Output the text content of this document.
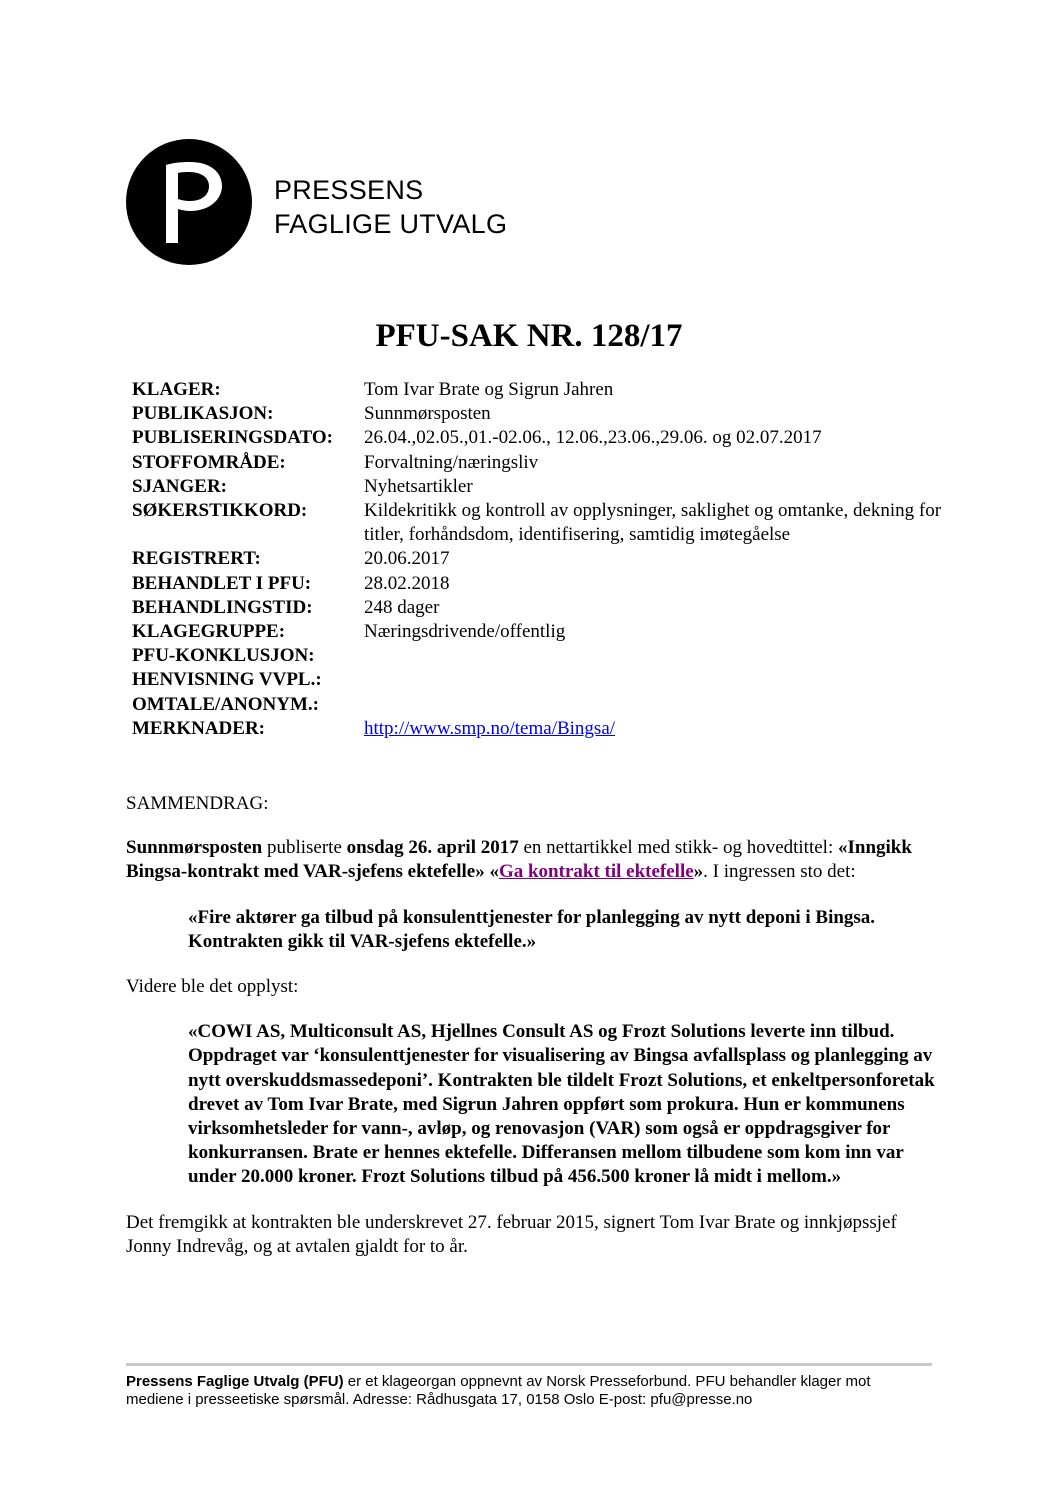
PRESSENS
FAGLIGE UTVALG
PFU-SAK NR. 128/17
KLAGER:	Tom Ivar Brate og Sigrun Jahren
PUBLIKASJON:	Sunnmørsposten
PUBLISERINGSDATO:	26.04.,02.05.,01.-02.06., 12.06.,23.06.,29.06. og 02.07.2017
STOFFOMRÅDE:	Forvaltning/næringsliv
SJANGER:	Nyhetsartikler
SØKERSTIKKORD:	Kildekritikk og kontroll av opplysninger, saklighet og omtanke, dekning for titler, forhåndsdom, identifisering, samtidig imøtegåelse
REGISTRERT:	20.06.2017
BEHANDLET I PFU:	28.02.2018
BEHANDLINGSTID:	248 dager
KLAGEGRUPPE:	Næringsdrivende/offentlig
PFU-KONKLUSJON:
HENVISNING VVPL.:
OMTALE/ANONYM.:
MERKNADER:	http://www.smp.no/tema/Bingsa/
SAMMENDRAG:

Sunnmørsposten publiserte onsdag 26. april 2017 en nettartikkel med stikk- og hovedtittel: «Inngikk Bingsa-kontrakt med VAR-sjefens ektefelle» «Ga kontrakt til ektefelle». I ingressen sto det:

«Fire aktører ga tilbud på konsulenttjenester for planlegging av nytt deponi i Bingsa. Kontrakten gikk til VAR-sjefens ektefelle.»

Videre ble det opplyst:

«COWI AS, Multiconsult AS, Hjellnes Consult AS og Frozt Solutions leverte inn tilbud. Oppdraget var ‘konsulenttjenester for visualisering av Bingsa avfallsplass og planlegging av nytt overskuddsmassedeponi’. Kontrakten ble tildelt Frozt Solutions, et enkeltpersonforetak drevet av Tom Ivar Brate, med Sigrun Jahren oppført som prokura. Hun er kommunens virksomhetsleder for vann-, avløp, og renovasjon (VAR) som også er oppdragsgiver for konkurransen. Brate er hennes ektefelle. Differansen mellom tilbudene som kom inn var under 20.000 kroner. Frozt Solutions tilbud på 456.500 kroner lå midt i mellom.»

Det fremgikk at kontrakten ble underskrevet 27. februar 2015, signert Tom Ivar Brate og innkjøpssjef Jonny Indrevåg, og at avtalen gjaldt for to år.

Pressens Faglige Utvalg (PFU) er et klageorgan oppnevnt av Norsk Presseforbund. PFU behandler klager mot mediene i presseetiske spørsmål. Adresse: Rådhusgata 17, 0158 Oslo E-post: pfu@presse.no
